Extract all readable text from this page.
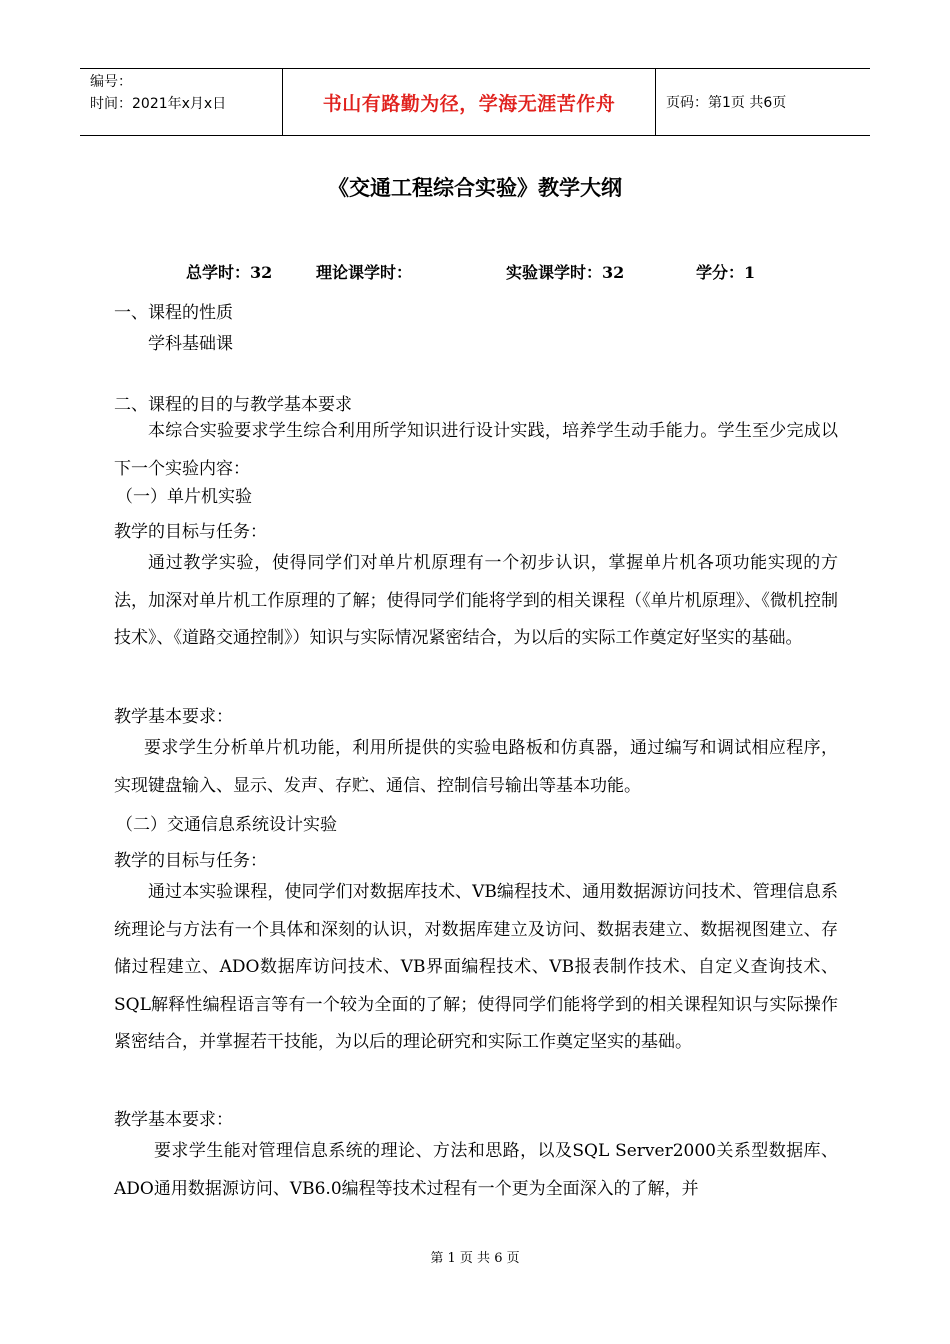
编号：
时间：2021年x月x日	书山有路勤为径，学海无涯苦作舟	页码：第1页 共6页
《交通工程综合实验》教学大纲
总学时：32	理论课学时：	实验课学时：32	学分：1
一、课程的性质
学科基础课
二、课程的目的与教学基本要求
本综合实验要求学生综合利用所学知识进行设计实践，培养学生动手能力。学生至少完成以下一个实验内容：
（一）单片机实验
教学的目标与任务：
通过教学实验，使得同学们对单片机原理有一个初步认识，掌握单片机各项功能实现的方法，加深对单片机工作原理的了解；使得同学们能将学到的相关课程（《单片机原理》、《微机控制技术》、《道路交通控制》）知识与实际情况紧密结合，为以后的实际工作奠定好坚实的基础。
教学基本要求：
要求学生分析单片机功能，利用所提供的实验电路板和仿真器，通过编写和调试相应程序，实现键盘输入、显示、发声、存贮、通信、控制信号输出等基本功能。
（二）交通信息系统设计实验
教学的目标与任务：
通过本实验课程，使同学们对数据库技术、VB编程技术、通用数据源访问技术、管理信息系统理论与方法有一个具体和深刻的认识，对数据库建立及访问、数据表建立、数据视图建立、存储过程建立、ADO数据库访问技术、VB界面编程技术、VB报表制作技术、自定义查询技术、SQL解释性编程语言等有一个较为全面的了解；使得同学们能将学到的相关课程知识与实际操作紧密结合，并掌握若干技能，为以后的理论研究和实际工作奠定坚实的基础。
教学基本要求：
要求学生能对管理信息系统的理论、方法和思路，以及SQL Server2000关系型数据库、ADO通用数据源访问、VB6.0编程等技术过程有一个更为全面深入的了解，并
第 1 页 共 6 页
